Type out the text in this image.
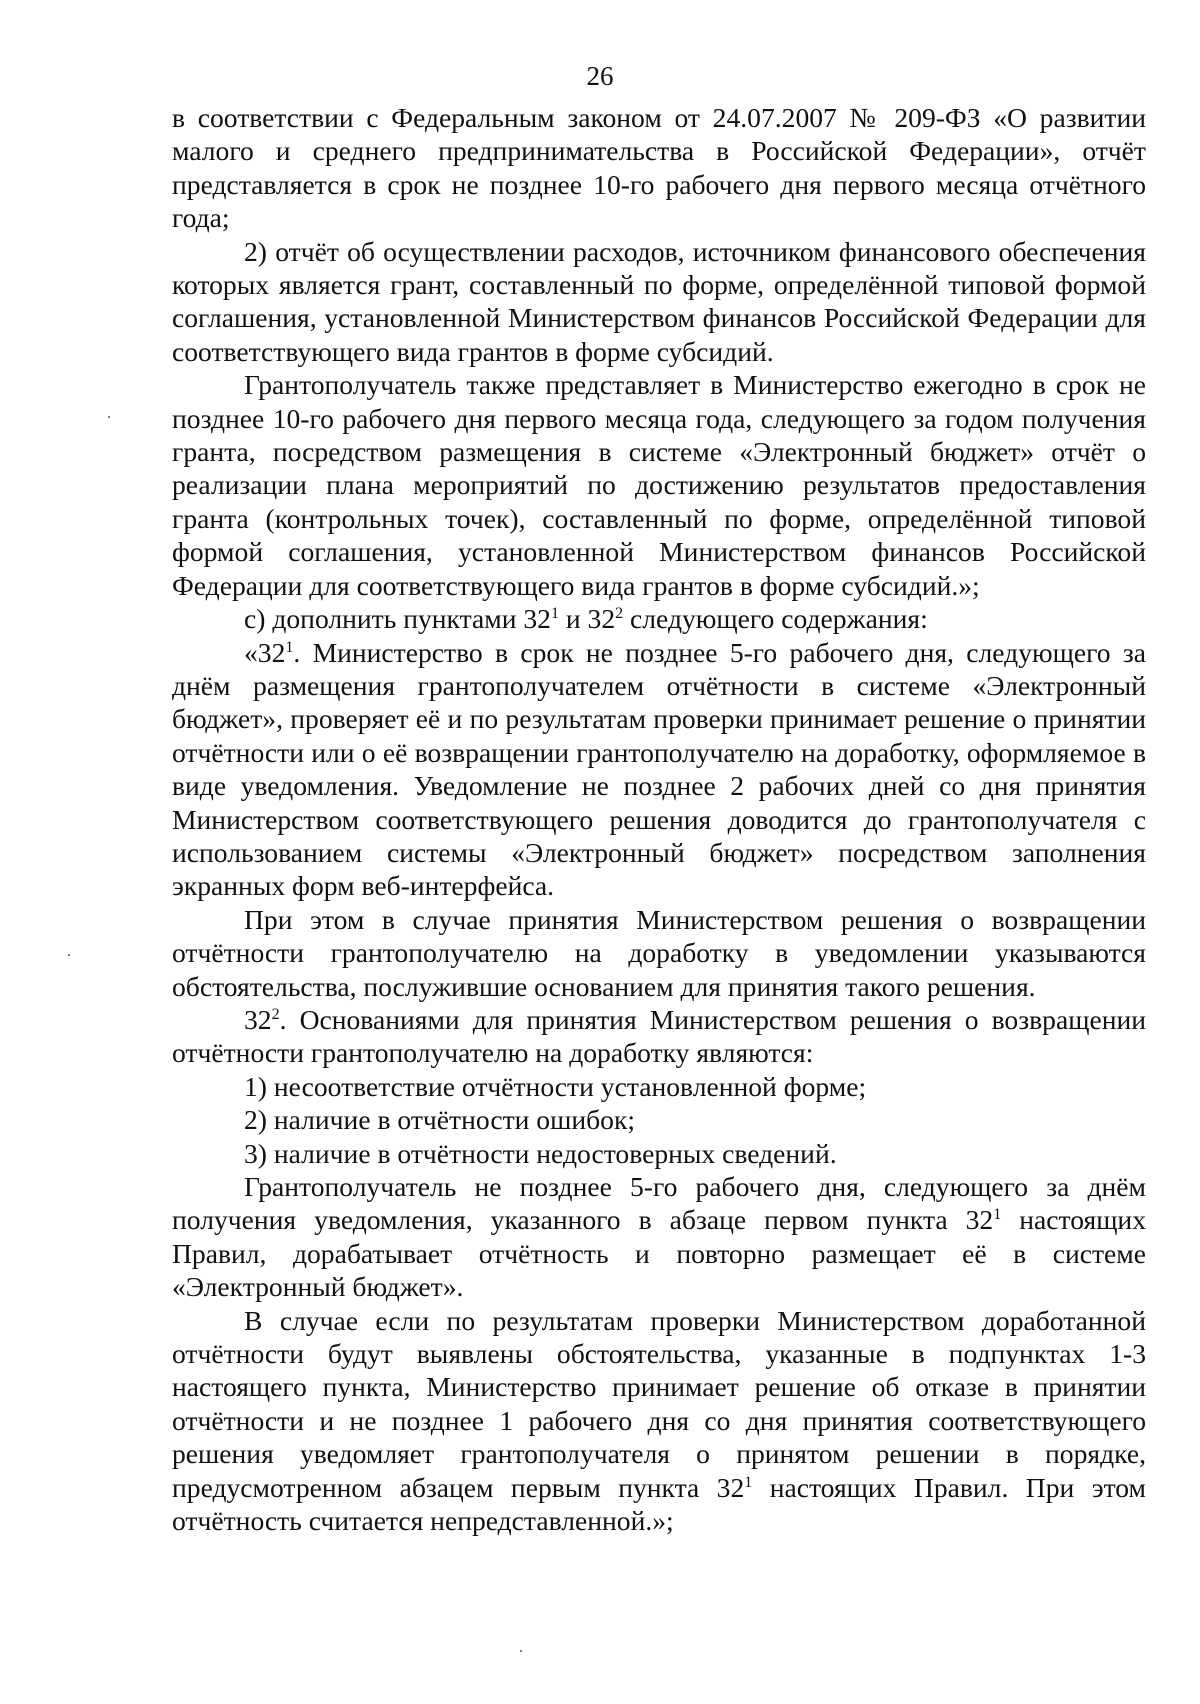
26

в соответствии с Федеральным законом от 24.07.2007 № 209-ФЗ «О развитии малого и среднего предпринимательства в Российской Федерации», отчёт представляется в срок не позднее 10-го рабочего дня первого месяца отчётного года;

2) отчёт об осуществлении расходов, источником финансового обеспечения которых является грант, составленный по форме, определённой типовой формой соглашения, установленной Министерством финансов Российской Федерации для соответствующего вида грантов в форме субсидий.

Грантополучатель также представляет в Министерство ежегодно в срок не позднее 10-го рабочего дня первого месяца года, следующего за годом получения гранта, посредством размещения в системе «Электронный бюджет» отчёт о реализации плана мероприятий по достижению результатов предоставления гранта (контрольных точек), составленный по форме, определённой типовой формой соглашения, установленной Министерством финансов Российской Федерации для соответствующего вида грантов в форме субсидий.»;

с) дополнить пунктами $32^1$ и $32^2$ следующего содержания:

«$32^1$. Министерство в срок не позднее 5-го рабочего дня, следующего за днём размещения грантополучателем отчётности в системе «Электронный бюджет», проверяет её и по результатам проверки принимает решение о принятии отчётности или о её возвращении грантополучателю на доработку, оформляемое в виде уведомления. Уведомление не позднее 2 рабочих дней со дня принятия Министерством соответствующего решения доводится до грантополучателя с использованием системы «Электронный бюджет» посредством заполнения экранных форм веб-интерфейса.

При этом в случае принятия Министерством решения о возвращении отчётности грантополучателю на доработку в уведомлении указываются обстоятельства, послужившие основанием для принятия такого решения.

$32^2$. Основаниями для принятия Министерством решения о возвращении отчётности грантополучателю на доработку являются:

1) несоответствие отчётности установленной форме;

2) наличие в отчётности ошибок;

3) наличие в отчётности недостоверных сведений.

Грантополучатель не позднее 5-го рабочего дня, следующего за днём получения уведомления, указанного в абзаце первом пункта $32^1$ настоящих Правил, дорабатывает отчётность и повторно размещает её в системе «Электронный бюджет».

В случае если по результатам проверки Министерством доработанной отчётности будут выявлены обстоятельства, указанные в подпунктах 1-3 настоящего пункта, Министерство принимает решение об отказе в принятии отчётности и не позднее 1 рабочего дня со дня принятия соответствующего решения уведомляет грантополучателя о принятом решении в порядке, предусмотренном абзацем первым пункта $32^1$ настоящих Правил. При этом отчётность считается непредставленной.»;
